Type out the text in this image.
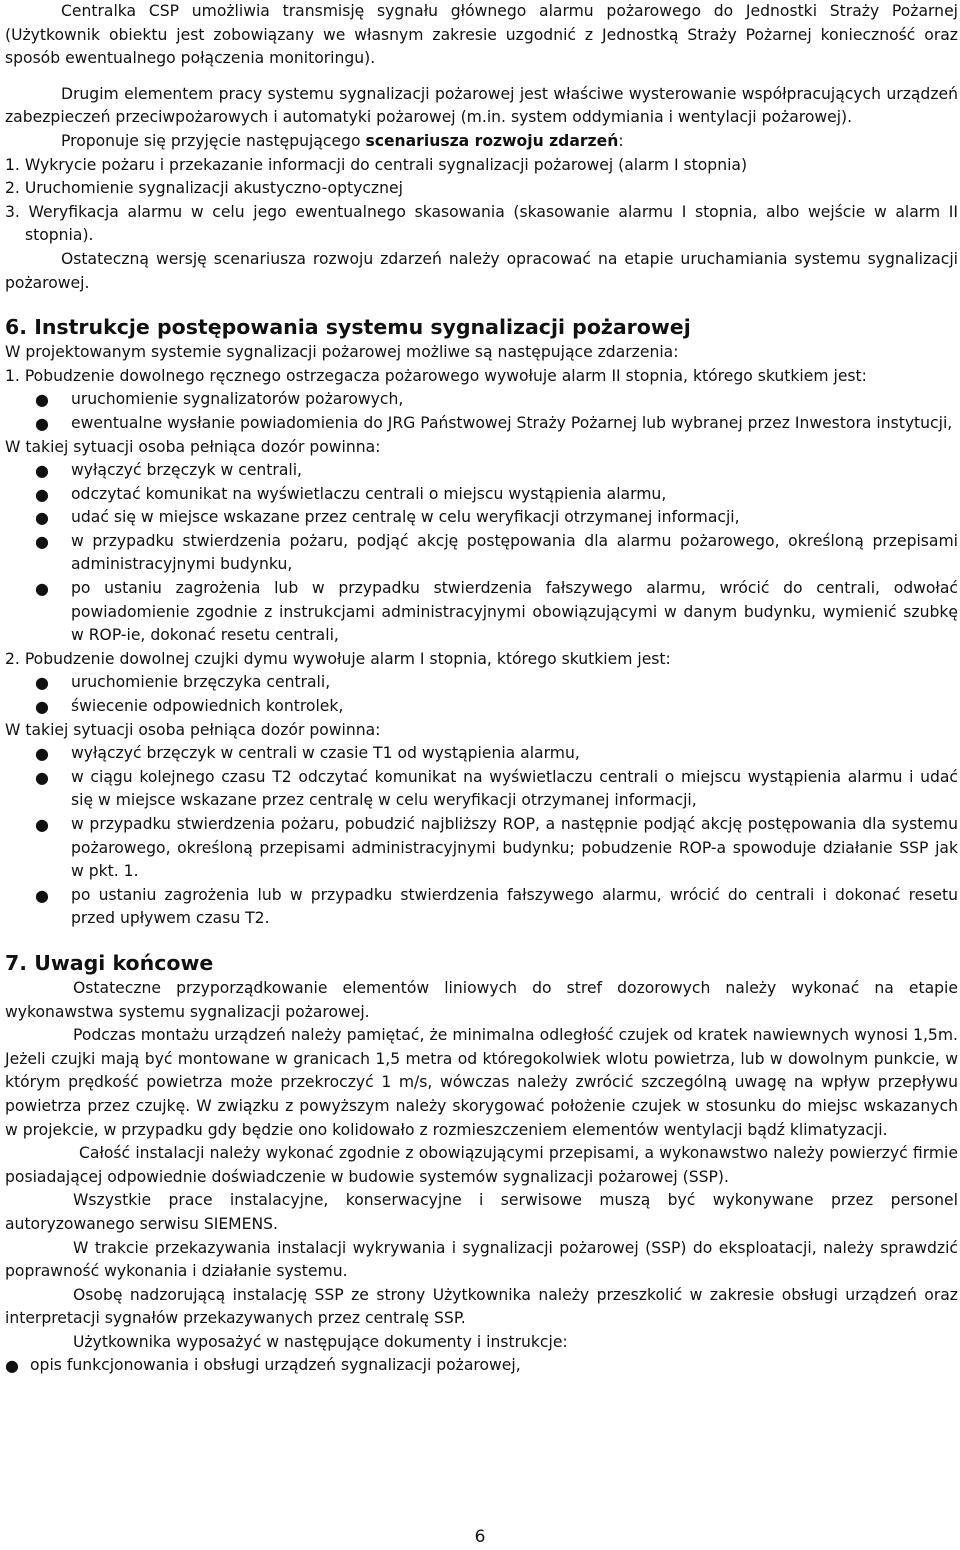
Centralka CSP umożliwia transmisję sygnału głównego alarmu pożarowego do Jednostki Straży Pożarnej (Użytkownik obiektu jest zobowiązany we własnym zakresie uzgodnić z Jednostką Straży Pożarnej konieczność oraz sposób ewentualnego połączenia monitoringu).

Drugim elementem pracy systemu sygnalizacji pożarowej jest właściwe wysterowanie współpracujących urządzeń zabezpieczeń przeciwpożarowych i automatyki pożarowej (m.in. system oddymiania i wentylacji pożarowej).

Proponuje się przyjęcie następującego scenariusza rozwoju zdarzeń:

1. Wykrycie pożaru i przekazanie informacji do centrali sygnalizacji pożarowej (alarm I stopnia)

2. Uruchomienie sygnalizacji akustyczno-optycznej

3. Weryfikacja alarmu w celu jego ewentualnego skasowania (skasowanie alarmu I stopnia, albo wejście w alarm II stopnia).

Ostateczną wersję scenariusza rozwoju zdarzeń należy opracować na etapie uruchamiania systemu sygnalizacji pożarowej.

6. Instrukcje postępowania systemu sygnalizacji pożarowej

W projektowanym systemie sygnalizacji pożarowej możliwe są następujące zdarzenia:

1. Pobudzenie dowolnego ręcznego ostrzegacza pożarowego wywołuje alarm II stopnia, którego skutkiem jest:

● uruchomienie sygnalizatorów pożarowych,
● ewentualne wysłanie powiadomienia do JRG Państwowej Straży Pożarnej lub wybranej przez Inwestora instytucji,

W takiej sytuacji osoba pełniąca dozór powinna:

● wyłączyć brzęczyk w centrali,
● odczytać komunikat na wyświetlaczu centrali o miejscu wystąpienia alarmu,
● udać się w miejsce wskazane przez centralę w celu weryfikacji otrzymanej informacji,
● w przypadku stwierdzenia pożaru, podjąć akcję postępowania dla alarmu pożarowego, określoną przepisami administracyjnymi budynku,
● po ustaniu zagrożenia lub w przypadku stwierdzenia fałszywego alarmu, wrócić do centrali, odwołać powiadomienie zgodnie z instrukcjami administracyjnymi obowiązującymi w danym budynku, wymienić szubkę w ROP-ie, dokonać resetu centrali,

2. Pobudzenie dowolnej czujki dymu wywołuje alarm I stopnia, którego skutkiem jest:

● uruchomienie brzęczyka centrali,
● świecenie odpowiednich kontrolek,

W takiej sytuacji osoba pełniąca dozór powinna:

● wyłączyć brzęczyk w centrali w czasie T1 od wystąpienia alarmu,
● w ciągu kolejnego czasu T2 odczytać komunikat na wyświetlaczu centrali o miejscu wystąpienia alarmu i udać się w miejsce wskazane przez centralę w celu weryfikacji otrzymanej informacji,
● w przypadku stwierdzenia pożaru, pobudzić najbliższy ROP, a następnie podjąć akcję postępowania dla systemu pożarowego, określoną przepisami administracyjnymi budynku; pobudzenie ROP-a spowoduje działanie SSP jak w pkt. 1.
● po ustaniu zagrożenia lub w przypadku stwierdzenia fałszywego alarmu, wrócić do centrali i dokonać resetu przed upływem czasu T2.
7. Uwagi końcowe

Ostateczne przyporządkowanie elementów liniowych do stref dozorowych należy wykonać na etapie wykonawstwa systemu sygnalizacji pożarowej.

Podczas montażu urządzeń należy pamiętać, że minimalna odległość czujek od kratek nawiewnych wynosi 1,5m. Jeżeli czujki mają być montowane w granicach 1,5 metra od któregokolwiek wlotu powietrza, lub w dowolnym punkcie, w którym prędkość powietrza może przekroczyć 1 m/s, wówczas należy zwrócić szczególną uwagę na wpływ przepływu powietrza przez czujkę. W związku z powyższym należy skorygować położenie czujek w stosunku do miejsc wskazanych w projekcie, w przypadku gdy będzie ono kolidowało z rozmieszczeniem elementów wentylacji bądź klimatyzacji.

Całość instalacji należy wykonać zgodnie z obowiązującymi przepisami, a wykonawstwo należy powierzyć firmie posiadającej odpowiednie doświadczenie w budowie systemów sygnalizacji pożarowej (SSP).

Wszystkie prace instalacyjne, konserwacyjne i serwisowe muszą być wykonywane przez personel autoryzowanego serwisu SIEMENS.

W trakcie przekazywania instalacji wykrywania i sygnalizacji pożarowej (SSP) do eksploatacji, należy sprawdzić poprawność wykonania i działanie systemu.

Osobę nadzorującą instalację SSP ze strony Użytkownika należy przeszkolić w zakresie obsługi urządzeń oraz interpretacji sygnałów przekazywanych przez centralę SSP.

Użytkownika wyposażyć w następujące dokumenty i instrukcje:

● opis funkcjonowania i obsługi urządzeń sygnalizacji pożarowej,
6
